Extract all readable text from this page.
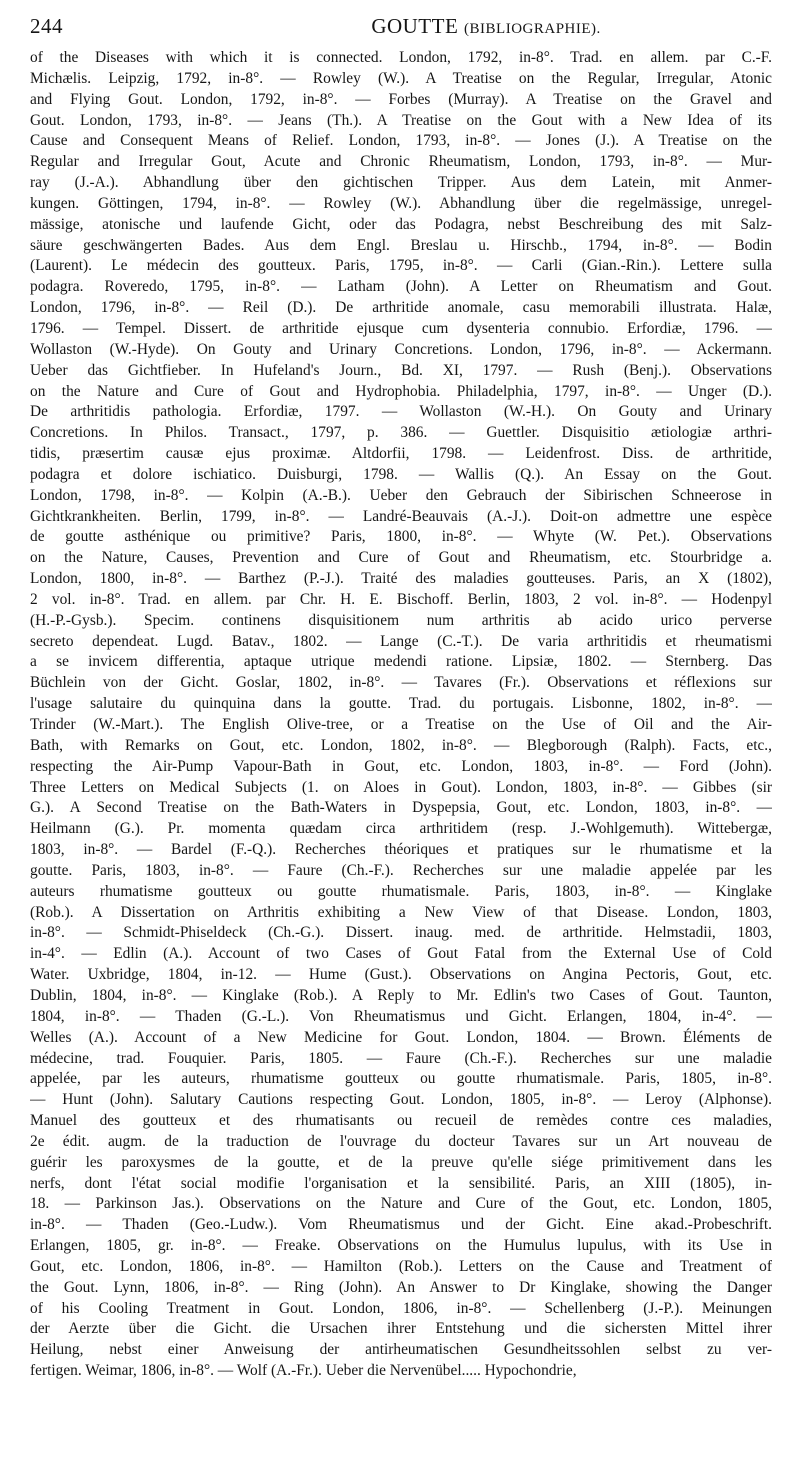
244	GOUTTE (BIBLIOGRAPHIE).
of the Diseases with which it is connected. London, 1792, in-8°. Trad. en allem. par C.-F.
Michælis. Leipzig, 1792, in-8°. — Rowley (W.). A Treatise on the Regular, Irregular, Atonic
and Flying Gout. London, 1792, in-8°. — Forbes (Murray). A Treatise on the Gravel and
Gout. London, 1793, in-8°. — Jeans (Th.). A Treatise on the Gout with a New Idea of its
Cause and Consequent Means of Relief. London, 1793, in-8°. — Jones (J.). A Treatise on the
Regular and Irregular Gout, Acute and Chronic Rheumatism, London, 1793, in-8°. — Mur-
ray (J.-A.). Abhandlung über den gichtischen Tripper. Aus dem Latein, mit Anmer-
kungen. Göttingen, 1794, in-8°. — Rowley (W.). Abhandlung über die regelmässige, unregel-
mässige, atonische und laufende Gicht, oder das Podagra, nebst Beschreibung des mit Salz-
säure geschwängerten Bades. Aus dem Engl. Breslau u. Hirschb., 1794, in-8°. — Bodin
(Laurent). Le médecin des goutteux. Paris, 1795, in-8°. — Carli (Gian.-Rin.). Lettere sulla
podagra. Roveredo, 1795, in-8°. — Latham (John). A Letter on Rheumatism and Gout.
London, 1796, in-8°. — Reil (D.). De arthritide anomale, casu memorabili illustrata. Halæ,
1796. — Tempel. Dissert. de arthritide ejusque cum dysenteria connubio. Erfordiæ, 1796. —
Wollaston (W.-Hyde). On Gouty and Urinary Concretions. London, 1796, in-8°. — Ackermann.
Ueber das Gichtfieber. In Hufeland's Journ., Bd. XI, 1797. — Rush (Benj.). Observations
on the Nature and Cure of Gout and Hydrophobia. Philadelphia, 1797, in-8°. — Unger (D.).
De arthritidis pathologia. Erfordiæ, 1797. — Wollaston (W.-H.). On Gouty and Urinary
Concretions. In Philos. Transact., 1797, p. 386. — Guettler. Disquisitio ætiologiæ arthri-
tidis, præsertim causæ ejus proximæ. Altdorfii, 1798. — Leidenfrost. Diss. de arthritide,
podagra et dolore ischiatico. Duisburgi, 1798. — Wallis (Q.). An Essay on the Gout.
London, 1798, in-8°. — Kolpin (A.-B.). Ueber den Gebrauch der Sibirischen Schneerose in
Gichtkrankheiten. Berlin, 1799, in-8°. — Landré-Beauvais (A.-J.). Doit-on admettre une espèce
de goutte asthénique ou primitive? Paris, 1800, in-8°. — Whyte (W. Pet.). Observations
on the Nature, Causes, Prevention and Cure of Gout and Rheumatism, etc. Stourbridge a.
London, 1800, in-8°. — Barthez (P.-J.). Traité des maladies goutteuses. Paris, an X (1802),
2 vol. in-8°. Trad. en allem. par Chr. H. E. Bischoff. Berlin, 1803, 2 vol. in-8°. — Hodenpyl
(H.-P.-Gysb.). Specim. continens disquisitionem num arthritis ab acido urico perverse
secreto dependeat. Lugd. Batav., 1802. — Lange (C.-T.). De varia arthritidis et rheumatismi
a se invicem differentia, aptaque utrique medendi ratione. Lipsiæ, 1802. — Sternberg. Das
Büchlein von der Gicht. Goslar, 1802, in-8°. — Tavares (Fr.). Observations et réflexions sur
l'usage salutaire du quinquina dans la goutte. Trad. du portugais. Lisbonne, 1802, in-8°. —
Trinder (W.-Mart.). The English Olive-tree, or a Treatise on the Use of Oil and the Air-
Bath, with Remarks on Gout, etc. London, 1802, in-8°. — Blegborough (Ralph). Facts, etc.,
respecting the Air-Pump Vapour-Bath in Gout, etc. London, 1803, in-8°. — Ford (John).
Three Letters on Medical Subjects (1. on Aloes in Gout). London, 1803, in-8°. — Gibbes (sir
G.). A Second Treatise on the Bath-Waters in Dyspepsia, Gout, etc. London, 1803, in-8°. —
Heilmann (G.). Pr. momenta quædam circa arthritidem (resp. J.-Wohlgemuth). Wittebergæ,
1803, in-8°. — Bardel (F.-Q.). Recherches théoriques et pratiques sur le rhumatisme et la
goutte. Paris, 1803, in-8°. — Faure (Ch.-F.). Recherches sur une maladie appelée par les
auteurs rhumatisme goutteux ou goutte rhumatismale. Paris, 1803, in-8°. — Kinglake
(Rob.). A Dissertation on Arthritis exhibiting a New View of that Disease. London, 1803,
in-8°. — Schmidt-Phiseldeck (Ch.-G.). Dissert. inaug. med. de arthritide. Helmstadii, 1803,
in-4°. — Edlin (A.). Account of two Cases of Gout Fatal from the External Use of Cold
Water. Uxbridge, 1804, in-12. — Hume (Gust.). Observations on Angina Pectoris, Gout, etc.
Dublin, 1804, in-8°. — Kinglake (Rob.). A Reply to Mr. Edlin's two Cases of Gout. Taunton,
1804, in-8°. — Thaden (G.-L.). Von Rheumatismus und Gicht. Erlangen, 1804, in-4°. —
Welles (A.). Account of a New Medicine for Gout. London, 1804. — Brown. Éléments de
médecine, trad. Fouquier. Paris, 1805. — Faure (Ch.-F.). Recherches sur une maladie
appelée, par les auteurs, rhumatisme goutteux ou goutte rhumatismale. Paris, 1805, in-8°.
— Hunt (John). Salutary Cautions respecting Gout. London, 1805, in-8°. — Leroy (Alphonse).
Manuel des goutteux et des rhumatisants ou recueil de remèdes contre ces maladies,
2e édit. augm. de la traduction de l'ouvrage du docteur Tavares sur un Art nouveau de
guérir les paroxysmes de la goutte, et de la preuve qu'elle siége primitivement dans les
nerfs, dont l'état social modifie l'organisation et la sensibilité. Paris, an XIII (1805), in-
18. — Parkinson Jas.). Observations on the Nature and Cure of the Gout, etc. London, 1805,
in-8°. — Thaden (Geo.-Ludw.). Vom Rheumatismus und der Gicht. Eine akad.-Probeschrift.
Erlangen, 1805, gr. in-8°. — Freake. Observations on the Humulus lupulus, with its Use in
Gout, etc. London, 1806, in-8°. — Hamilton (Rob.). Letters on the Cause and Treatment of
the Gout. Lynn, 1806, in-8°. — Ring (John). An Answer to Dr Kinglake, showing the Danger
of his Cooling Treatment in Gout. London, 1806, in-8°. — Schellenberg (J.-P.). Meinungen
der Aerzte über die Gicht. die Ursachen ihrer Entstehung und die sichersten Mittel ihrer
Heilung, nebst einer Anweisung der antirheumatischen Gesundheitssohlen selbst zu ver-
fertigen. Weimar, 1806, in-8°. — Wolf (A.-Fr.). Ueber die Nervenübel..... Hypochondrie,
